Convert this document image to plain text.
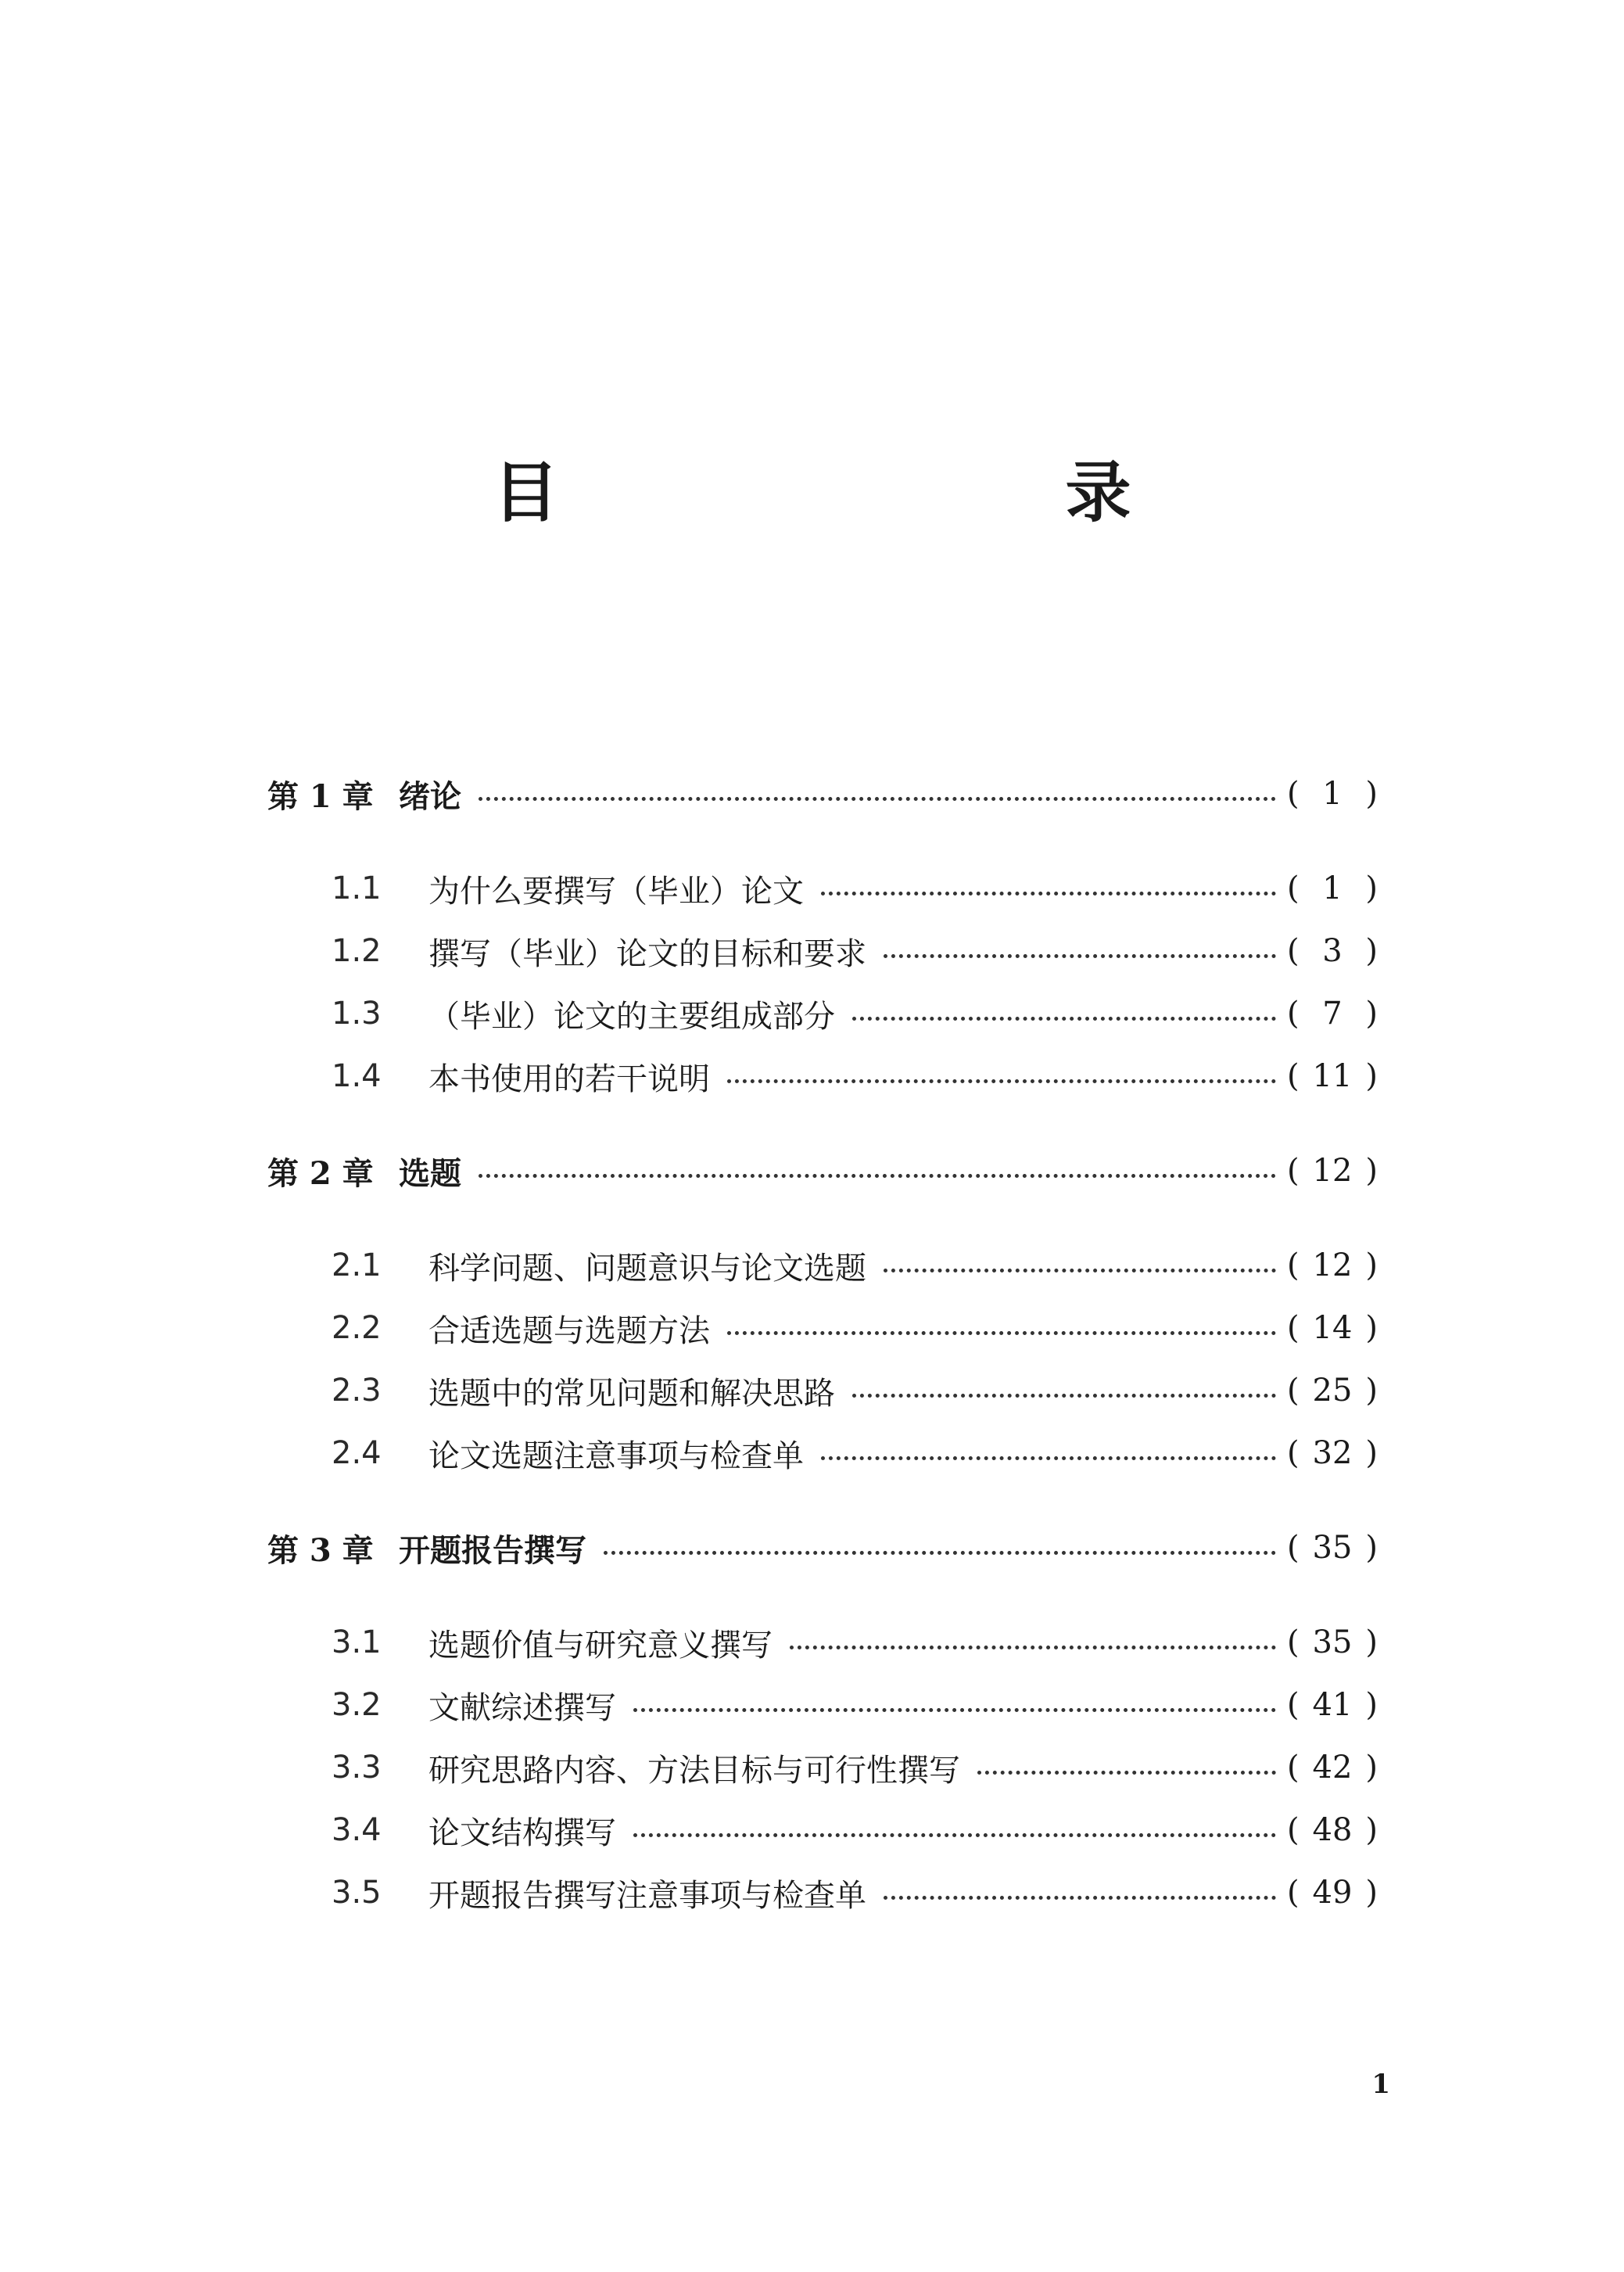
目　　录
第 1 章 绪论	( 1 )
1.1	为什么要撰写（毕业）论文	( 1 )
1.2	撰写（毕业）论文的目标和要求	( 3 )
1.3	（毕业）论文的主要组成部分	( 7 )
1.4	本书使用的若干说明	( 11 )
第 2 章 选题	( 12 )
2.1	科学问题、问题意识与论文选题	( 12 )
2.2	合适选题与选题方法	( 14 )
2.3	选题中的常见问题和解决思路	( 25 )
2.4	论文选题注意事项与检查单	( 32 )
第 3 章 开题报告撰写	( 35 )
3.1	选题价值与研究意义撰写	( 35 )
3.2	文献综述撰写	( 41 )
3.3	研究思路内容、方法目标与可行性撰写	( 42 )
3.4	论文结构撰写	( 48 )
3.5	开题报告撰写注意事项与检查单	( 49 )
1
